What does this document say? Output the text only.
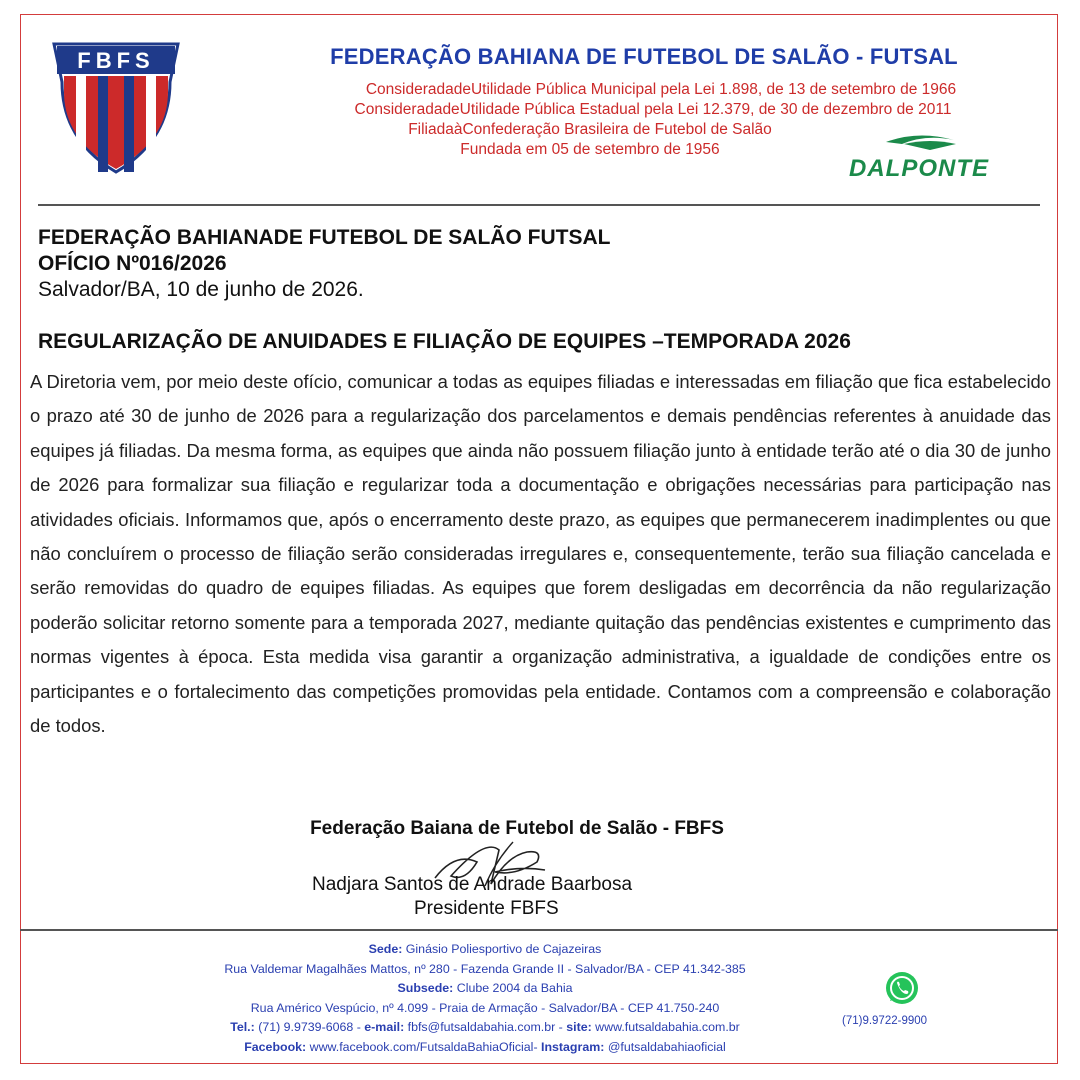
FBFS	FEDERAÇÃO BAHIANA DE FUTEBOL DE SALÃO - FUTSAL
ConsideradadeUtilidade Pública Municipal pela Lei 1.898, de 13 de setembro de 1966
ConsideradadeUtilidade Pública Estadual pela Lei 12.379, de 30 de dezembro de 2011
FiliadaàConfederação Brasileira de Futebol de Salão
Fundada em 05 de setembro de 1956
DALPONTE
FEDERAÇÃO BAHIANADE FUTEBOL DE SALÃO FUTSAL
OFÍCIO Nº016/2026
Salvador/BA, 10 de junho de 2026.
REGULARIZAÇÃO DE ANUIDADES E FILIAÇÃO DE EQUIPES –TEMPORADA 2026
A Diretoria vem, por meio deste ofício, comunicar a todas as equipes filiadas e interessadas em filiação que fica estabelecido o prazo até 30 de junho de 2026 para a regularização dos parcelamentos e demais pendências referentes à anuidade das equipes já filiadas. Da mesma forma, as equipes que ainda não possuem filiação junto à entidade terão até o dia 30 de junho de 2026 para formalizar sua filiação e regularizar toda a documentação e obrigações necessárias para participação nas atividades oficiais. Informamos que, após o encerramento deste prazo, as equipes que permanecerem inadimplentes ou que não concluírem o processo de filiação serão consideradas irregulares e, consequentemente, terão sua filiação cancelada e serão removidas do quadro de equipes filiadas. As equipes que forem desligadas em decorrência da não regularização poderão solicitar retorno somente para a temporada 2027, mediante quitação das pendências existentes e cumprimento das normas vigentes à época. Esta medida visa garantir a organização administrativa, a igualdade de condições entre os participantes e o fortalecimento das competições promovidas pela entidade. Contamos com a compreensão e colaboração de todos.
Federação Baiana de Futebol de Salão - FBFS
Nadjara Santos de Andrade Baarbosa
Presidente FBFS
Sede: Ginásio Poliesportivo de Cajazeiras
Rua Valdemar Magalhães Mattos, nº 280 - Fazenda Grande II - Salvador/BA - CEP 41.342-385
Subsede: Clube 2004 da Bahia
Rua Américo Vespúcio, nº 4.099 - Praia de Armação - Salvador/BA - CEP 41.750-240
Tel.: (71) 9.9739-6068 - e-mail: fbfs@futsaldabahia.com.br - site: www.futsaldabahia.com.br
Facebook: www.facebook.com/FutsaldaBahiaOficial- Instagram: @futsaldabahiaoficial
(71)9.9722-9900
